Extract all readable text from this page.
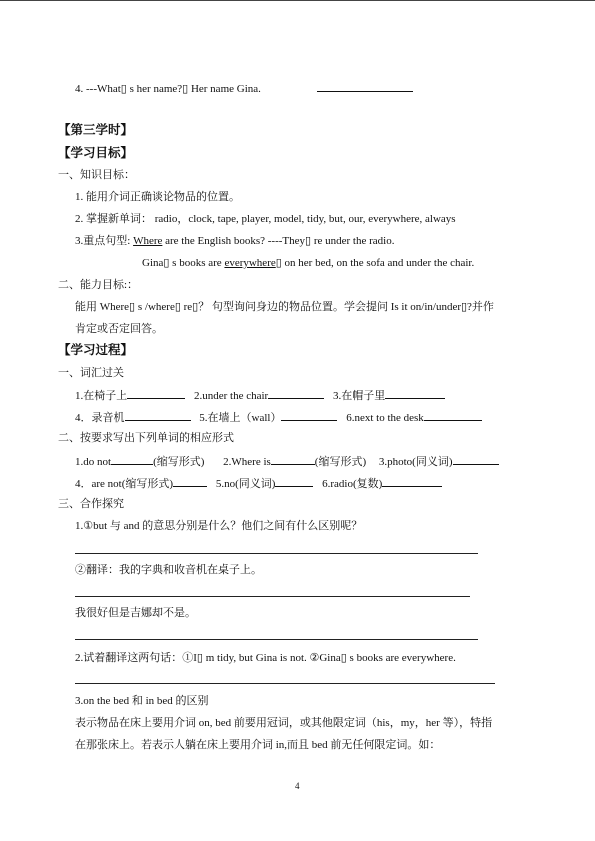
4. ---What▯ s her name?▯ Her name Gina.
【第三学时】
【学习目标】
一、知识目标：
1. 能用介词正确谈论物品的位置。
2. 掌握新单词： radio，clock, tape, player, model, tidy, but, our, everywhere, always
3.重点句型: Where are the English books? ----They▯ re under the radio.
Gina▯ s books are everywhere▯ on her bed, on the sofa and under the chair.
二、能力目标:：
能用 Where▯ s /where▯ re▯？ 句型询问身边的物品位置。学会提问 Is it on/in/under▯?并作
肯定或否定回答。
【学习过程】
一、词汇过关
1.在椅子上	2.under the chair	3.在帽子里
4．录音机	5.在墙上（wall）	6.next to the desk
二、按要求写出下列单词的相应形式
1.do not	(缩写形式) 2.Where is	(缩写形式) 3.photo(同义词)
4．are not(缩写形式)	5.no(同义词)	6.radio(复数)
三、合作探究
1.①but 与 and 的意思分别是什么？他们之间有什么区别呢？
②翻译：我的字典和收音机在桌子上。
我很好但是吉娜却不是。
2.试着翻译这两句话：①I▯ m tidy, but Gina is not. ②Gina▯ s books are everywhere.
3.on the bed 和 in bed 的区别
表示物品在床上要用介词 on, bed 前要用冠词，或其他限定词（his，my，her 等），特指
在那张床上。若表示人躺在床上要用介词 in,而且 bed 前无任何限定词。如：
4
